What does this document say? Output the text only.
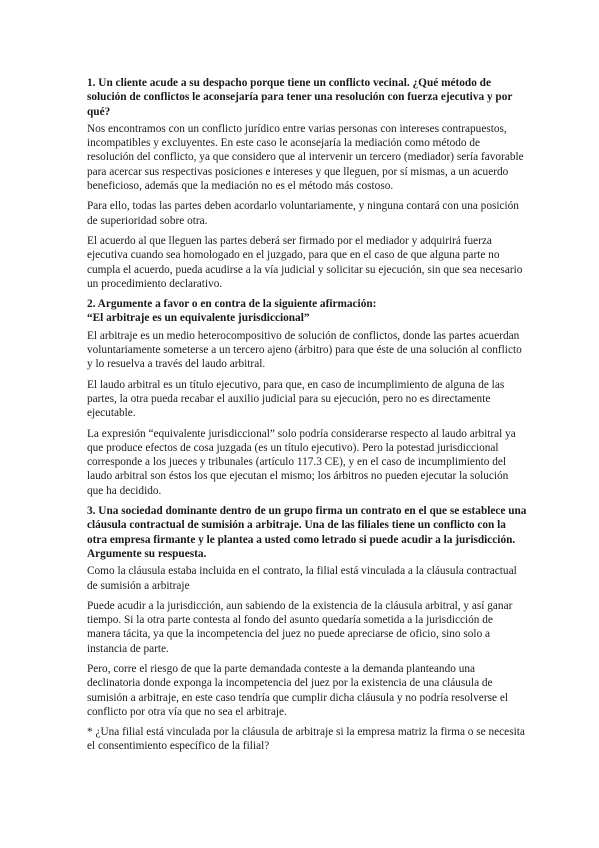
1. Un cliente acude a su despacho porque tiene un conflicto vecinal. ¿Qué método de solución de conflictos le aconsejaría para tener una resolución con fuerza ejecutiva y por qué?

Nos encontramos con un conflicto jurídico entre varias personas con intereses contrapuestos, incompatibles y excluyentes. En este caso le aconsejaría la mediación como método de resolución del conflicto, ya que considero que al intervenir un tercero (mediador) sería favorable para acercar sus respectivas posiciones e intereses y que lleguen, por sí mismas, a un acuerdo beneficioso, además que la mediación no es el método más costoso.

Para ello, todas las partes deben acordarlo voluntariamente, y ninguna contará con una posición de superioridad sobre otra.

El acuerdo al que lleguen las partes deberá ser firmado por el mediador y adquirirá fuerza ejecutiva cuando sea homologado en el juzgado, para que en el caso de que alguna parte no cumpla el acuerdo, pueda acudirse a la vía judicial y solicitar su ejecución, sin que sea necesario un procedimiento declarativo.

2. Argumente a favor o en contra de la siguiente afirmación:
“El arbitraje es un equivalente jurisdiccional”

El arbitraje es un medio heterocompositivo de solución de conflictos, donde las partes acuerdan voluntariamente someterse a un tercero ajeno (árbitro) para que éste de una solución al conflicto y lo resuelva a través del laudo arbitral.

El laudo arbitral es un título ejecutivo, para que, en caso de incumplimiento de alguna de las partes, la otra pueda recabar el auxilio judicial para su ejecución, pero no es directamente ejecutable.

La expresión “equivalente jurisdiccional” solo podría considerarse respecto al laudo arbitral ya que produce efectos de cosa juzgada (es un título ejecutivo). Pero la potestad jurisdiccional corresponde a los jueces y tribunales (artículo 117.3 CE), y en el caso de incumplimiento del laudo arbitral son éstos los que ejecutan el mismo; los árbitros no pueden ejecutar la solución que ha decidido.

3. Una sociedad dominante dentro de un grupo firma un contrato en el que se establece una cláusula contractual de sumisión a arbitraje. Una de las filiales tiene un conflicto con la otra empresa firmante y le plantea a usted como letrado si puede acudir a la jurisdicción. Argumente su respuesta.

Como la cláusula estaba incluida en el contrato, la filial está vinculada a la cláusula contractual de sumisión a arbitraje

Puede acudir a la jurisdicción, aun sabiendo de la existencia de la cláusula arbitral, y así ganar tiempo. Si la otra parte contesta al fondo del asunto quedaría sometida a la jurisdicción de manera tácita, ya que la incompetencia del juez no puede apreciarse de oficio, sino solo a instancia de parte.

Pero, corre el riesgo de que la parte demandada conteste a la demanda planteando una declinatoria donde exponga la incompetencia del juez por la existencia de una cláusula de sumisión a arbitraje, en este caso tendría que cumplir dicha cláusula y no podría resolverse el conflicto por otra vía que no sea el arbitraje.

* ¿Una filial está vinculada por la cláusula de arbitraje si la empresa matriz la firma o se necesita el consentimiento específico de la filial?
